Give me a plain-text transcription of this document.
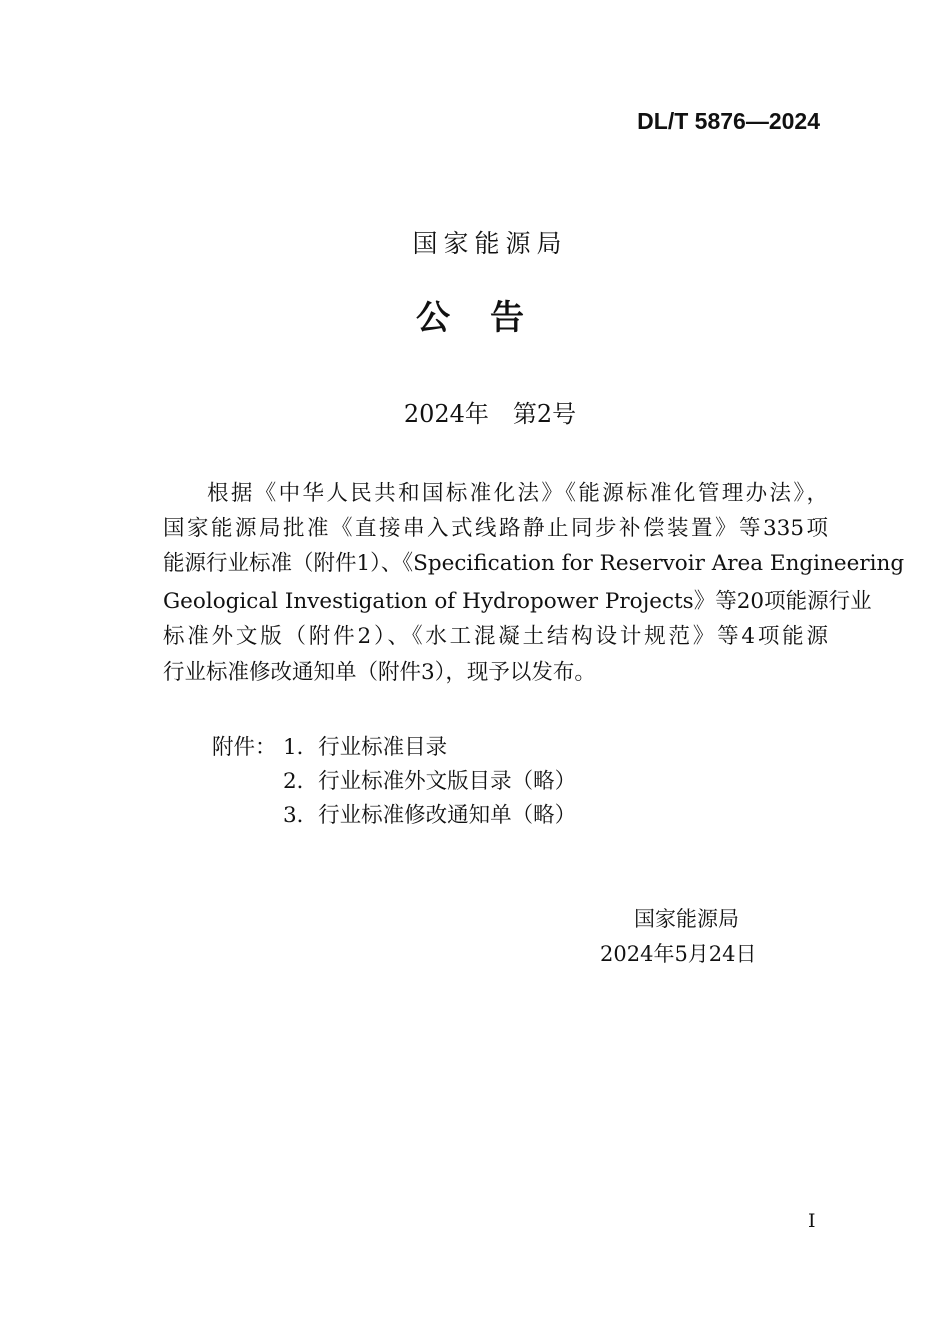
DL/T 5876—2024
国家能源局
公告
2024年　第2号
根据《中华人民共和国标准化法》《能源标准化管理办法》，
国家能源局批准《直接串入式线路静止同步补偿装置》等335项
能源行业标准（附件1）、《Specification for Reservoir Area Engineering
Geological Investigation of Hydropower Projects》等20项能源行业
标准外文版（附件2）、《水工混凝土结构设计规范》等4项能源
行业标准修改通知单（附件3），现予以发布。
附件： 1．行业标准目录
2．行业标准外文版目录（略）
3．行业标准修改通知单（略）
国家能源局
2024年5月24日
I
